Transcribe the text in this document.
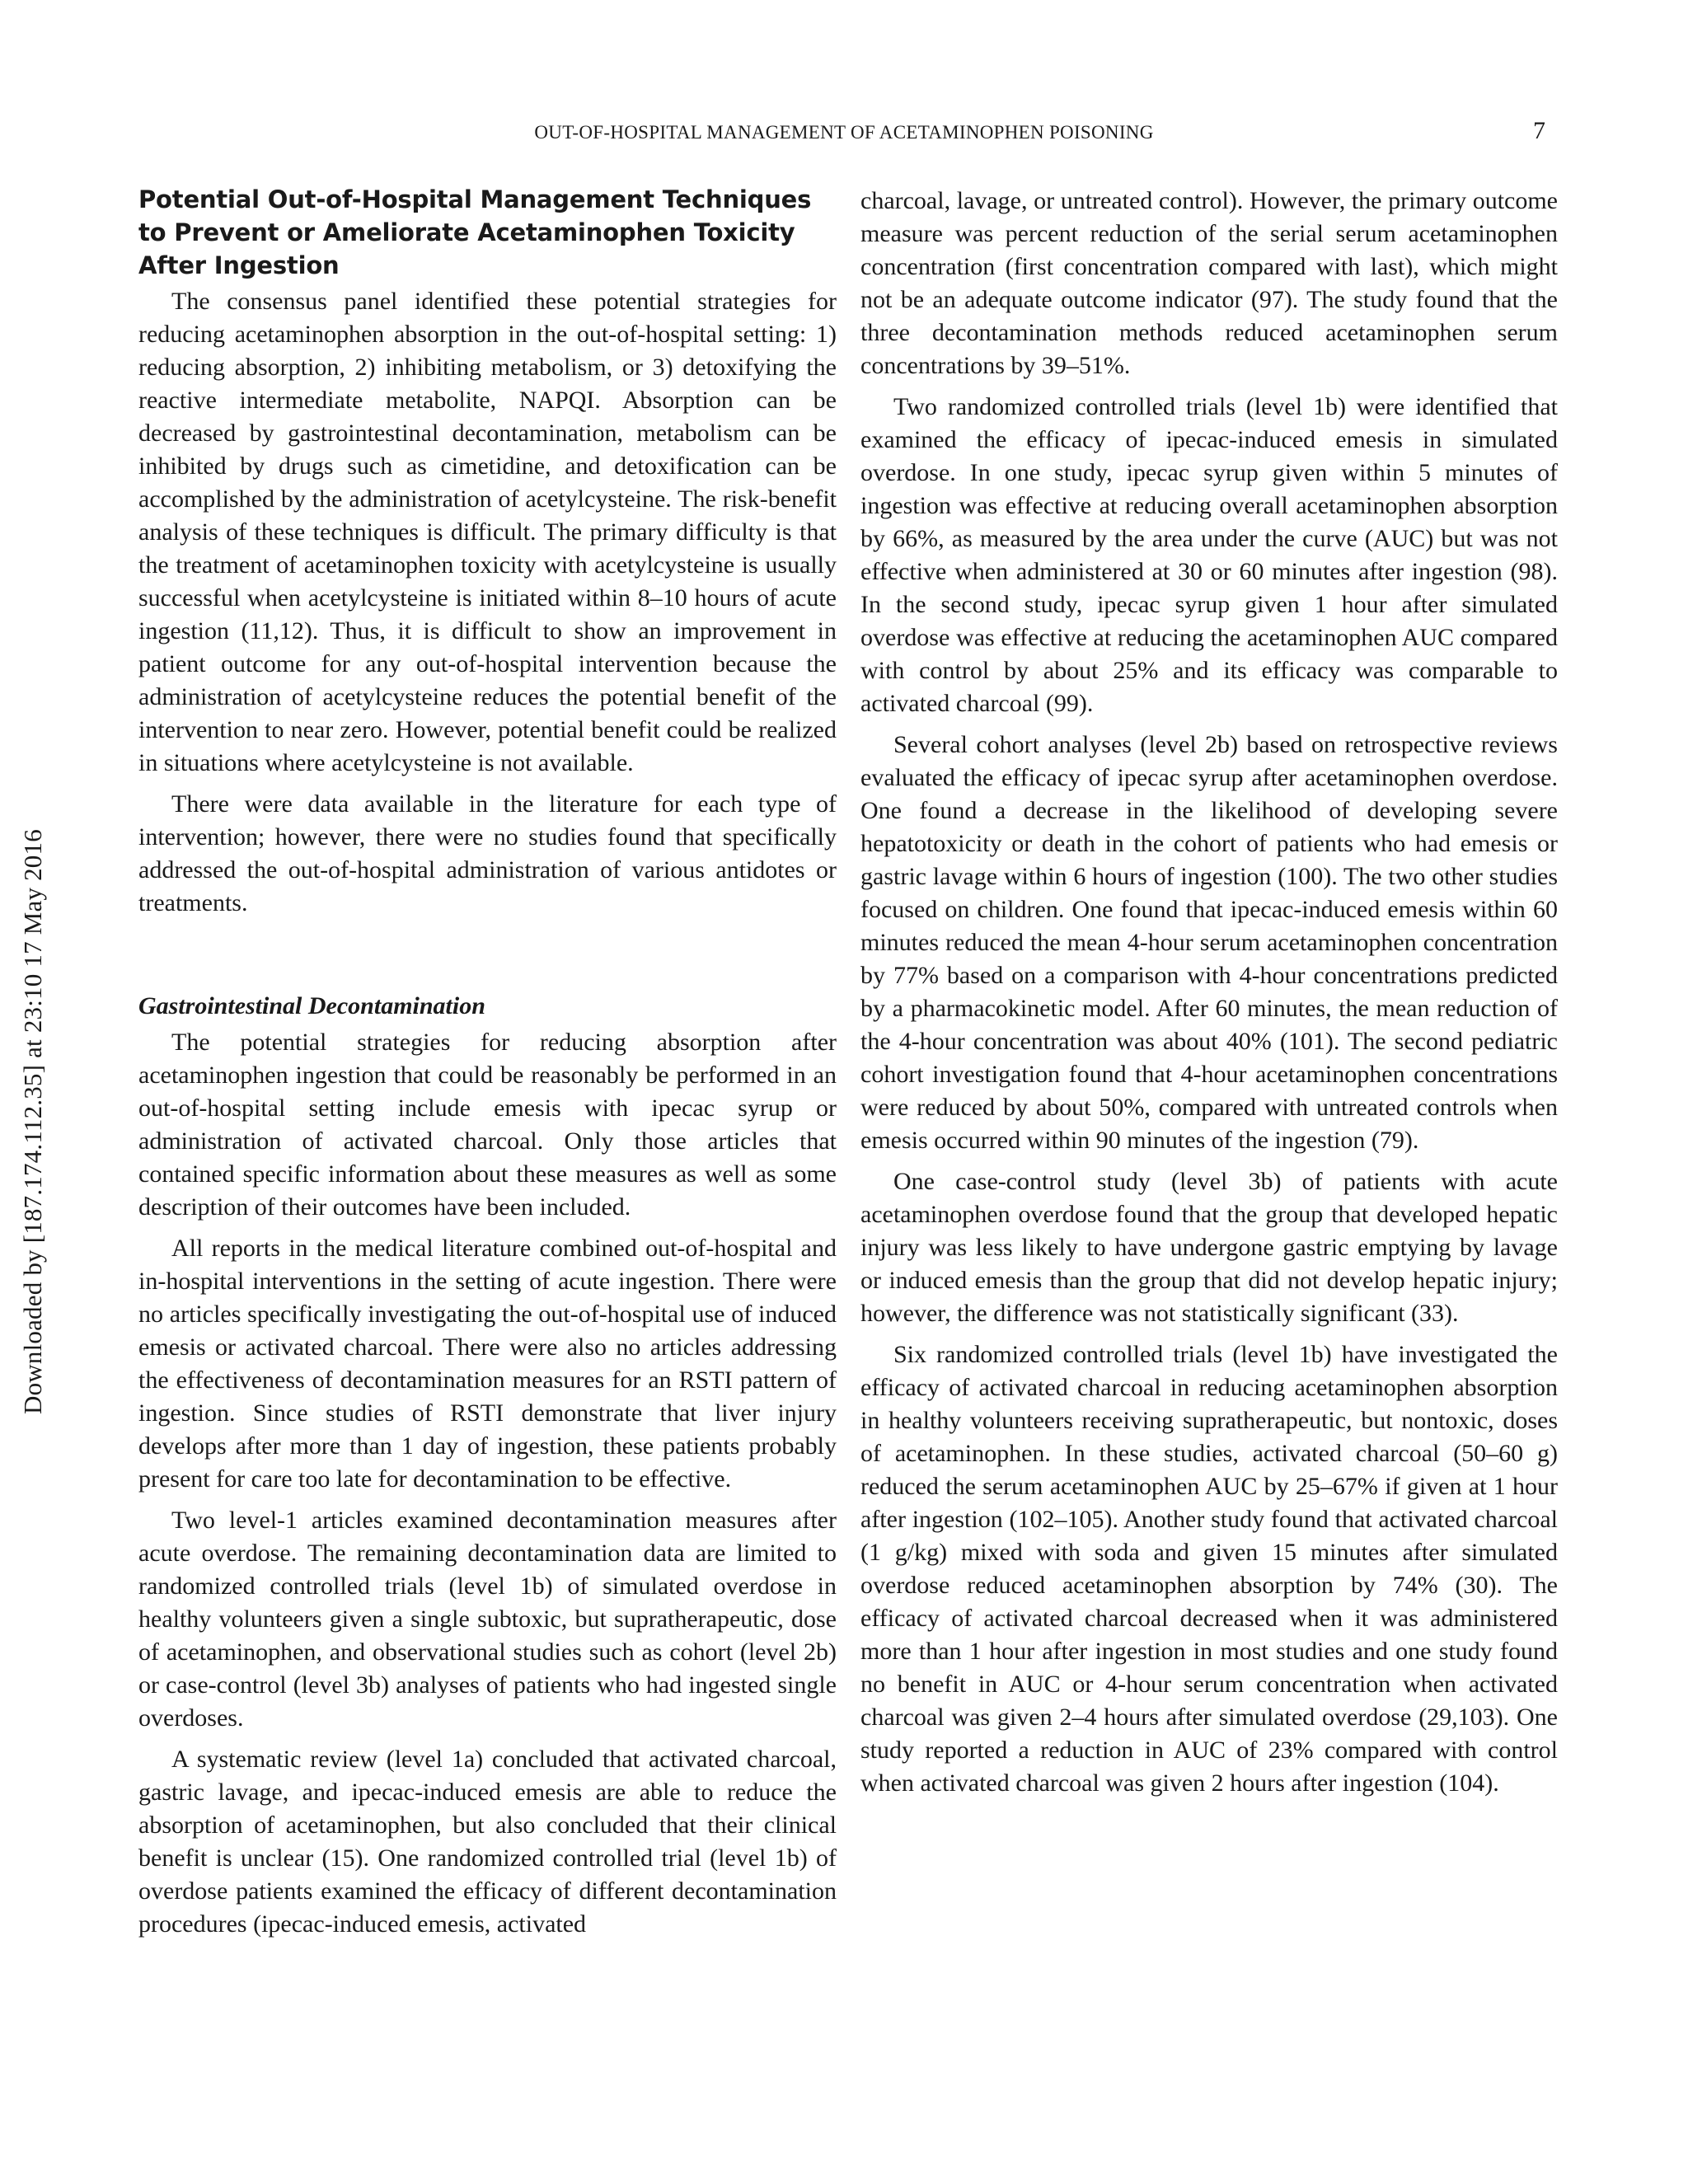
OUT-OF-HOSPITAL MANAGEMENT OF ACETAMINOPHEN POISONING	7
Downloaded by [187.174.112.35] at 23:10 17 May 2016
Potential Out-of-Hospital Management Techniques to Prevent or Ameliorate Acetaminophen Toxicity After Ingestion

The consensus panel identified these potential strategies for reducing acetaminophen absorption in the out-of-hospital setting: 1) reducing absorption, 2) inhibiting metabolism, or 3) detoxifying the reactive intermediate metabolite, NAPQI. Absorption can be decreased by gastrointestinal decontamination, metabolism can be inhibited by drugs such as cimetidine, and detoxification can be accomplished by the administration of acetylcysteine. The risk-benefit analysis of these techniques is difficult. The primary difficulty is that the treatment of acetaminophen toxicity with acetylcysteine is usually successful when acetylcysteine is initiated within 8–10 hours of acute ingestion (11,12). Thus, it is difficult to show an improvement in patient outcome for any out-of-hospital intervention because the administration of acetylcysteine reduces the potential benefit of the intervention to near zero. However, potential benefit could be realized in situations where acetylcysteine is not available.

There were data available in the literature for each type of intervention; however, there were no studies found that specifically addressed the out-of-hospital administration of various antidotes or treatments.

Gastrointestinal Decontamination

The potential strategies for reducing absorption after acetaminophen ingestion that could be reasonably be performed in an out-of-hospital setting include emesis with ipecac syrup or administration of activated charcoal. Only those articles that contained specific information about these measures as well as some description of their outcomes have been included.

All reports in the medical literature combined out-of-hospital and in-hospital interventions in the setting of acute ingestion. There were no articles specifically investigating the out-of-hospital use of induced emesis or activated charcoal. There were also no articles addressing the effectiveness of decontamination measures for an RSTI pattern of ingestion. Since studies of RSTI demonstrate that liver injury develops after more than 1 day of ingestion, these patients probably present for care too late for decontamination to be effective.

Two level-1 articles examined decontamination measures after acute overdose. The remaining decontamination data are limited to randomized controlled trials (level 1b) of simulated overdose in healthy volunteers given a single subtoxic, but supratherapeutic, dose of acetaminophen, and observational studies such as cohort (level 2b) or case-control (level 3b) analyses of patients who had ingested single overdoses.

A systematic review (level 1a) concluded that activated charcoal, gastric lavage, and ipecac-induced emesis are able to reduce the absorption of acetaminophen, but also concluded that their clinical benefit is unclear (15). One randomized controlled trial (level 1b) of overdose patients examined the efficacy of different decontamination procedures (ipecac-induced emesis, activated

charcoal, lavage, or untreated control). However, the primary outcome measure was percent reduction of the serial serum acetaminophen concentration (first concentration compared with last), which might not be an adequate outcome indicator (97). The study found that the three decontamination methods reduced acetaminophen serum concentrations by 39–51%.

Two randomized controlled trials (level 1b) were identified that examined the efficacy of ipecac-induced emesis in simulated overdose. In one study, ipecac syrup given within 5 minutes of ingestion was effective at reducing overall acetaminophen absorption by 66%, as measured by the area under the curve (AUC) but was not effective when administered at 30 or 60 minutes after ingestion (98). In the second study, ipecac syrup given 1 hour after simulated overdose was effective at reducing the acetaminophen AUC compared with control by about 25% and its efficacy was comparable to activated charcoal (99).

Several cohort analyses (level 2b) based on retrospective reviews evaluated the efficacy of ipecac syrup after acetaminophen overdose. One found a decrease in the likelihood of developing severe hepatotoxicity or death in the cohort of patients who had emesis or gastric lavage within 6 hours of ingestion (100). The two other studies focused on children. One found that ipecac-induced emesis within 60 minutes reduced the mean 4-hour serum acetaminophen concentration by 77% based on a comparison with 4-hour concentrations predicted by a pharmacokinetic model. After 60 minutes, the mean reduction of the 4-hour concentration was about 40% (101). The second pediatric cohort investigation found that 4-hour acetaminophen concentrations were reduced by about 50%, compared with untreated controls when emesis occurred within 90 minutes of the ingestion (79).

One case-control study (level 3b) of patients with acute acetaminophen overdose found that the group that developed hepatic injury was less likely to have undergone gastric emptying by lavage or induced emesis than the group that did not develop hepatic injury; however, the difference was not statistically significant (33).

Six randomized controlled trials (level 1b) have investigated the efficacy of activated charcoal in reducing acetaminophen absorption in healthy volunteers receiving supratherapeutic, but nontoxic, doses of acetaminophen. In these studies, activated charcoal (50–60 g) reduced the serum acetaminophen AUC by 25–67% if given at 1 hour after ingestion (102–105). Another study found that activated charcoal (1 g/kg) mixed with soda and given 15 minutes after simulated overdose reduced acetaminophen absorption by 74% (30). The efficacy of activated charcoal decreased when it was administered more than 1 hour after ingestion in most studies and one study found no benefit in AUC or 4-hour serum concentration when activated charcoal was given 2–4 hours after simulated overdose (29,103). One study reported a reduction in AUC of 23% compared with control when activated charcoal was given 2 hours after ingestion (104).
